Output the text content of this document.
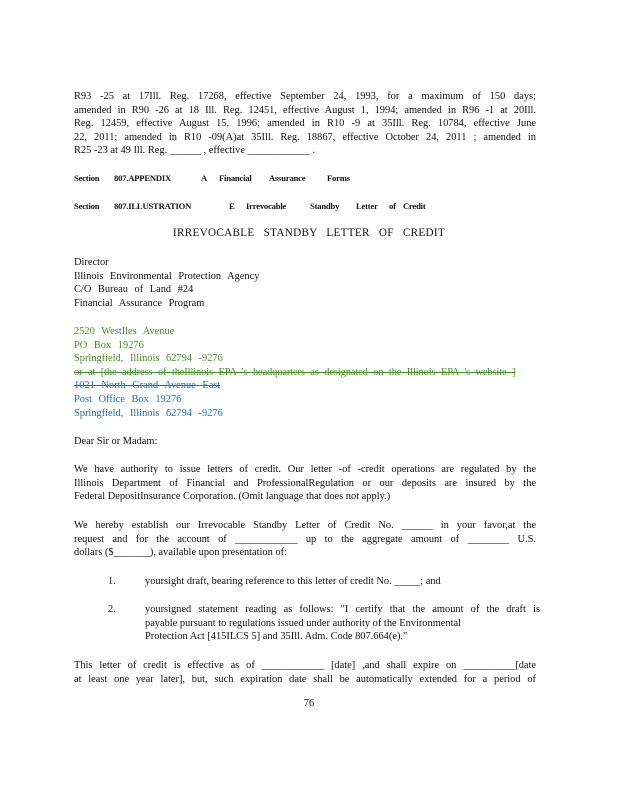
R93 -25 at 17Ill. Reg. 17268, effective September 24, 1993, for a maximum of 150 days;
amended in R90 -26 at 18 Ill. Reg. 12451, effective August 1, 1994; amended in R96 -1 at 20Ill.
Reg. 12459, effective August 15, 1996; amended in R10 -9 at 35Ill. Reg. 10784, effective June
22, 2011; amended in R10 -09(A)at 35Ill. Reg. 18867, effective October 24, 2011 ; amended in
R25 -23 at 49 Ill. Reg. ______ , effective ____________ .
Section 807.APPENDIX	A Financial Assurance	Forms
Section 807.ILLUSTRATION	E Irrevocable	Standby Letter of Credit
IRREVOCABLE STANDBY LETTER OF CREDIT
Director
Illinois Environmental Protection Agency
C/O Bureau of Land #24
Financial Assurance Program
2520 WestIles Avenue
PO Box 19276
Springfield, Illinois 62794 -9276
or at [the address of theIllinois EPA 's headquarters as designated on the Illinois EPA 's website ]
1021 North Grand Avenue East
Post Office Box 19276
Springfield, Illinois 62794 -9276
Dear Sir or Madam:
We have authority to issue letters of credit. Our letter -of -credit operations are regulated by the
Illinois Department of Financial and ProfessionalRegulation or our deposits are insured by the
Federal DepositInsurance Corporation. (Omit language that does not apply.)
We hereby establish our Irrevocable Standby Letter of Credit No. ______ in your favor,at the
request and for the account of ____________ up to the aggregate amount of ________ U.S.
dollars ($_______), available upon presentation of:
1.	yoursight draft, bearing reference to this letter of credit No. _____; and
2.	yoursigned statement reading as follows: "I certify that the amount of the draft is
payable pursuant to regulations issued under authority of the Environmental
Protection Act [415ILCS 5] and 35Ill. Adm. Code 807.664(e)."
This letter of credit is effective as of ____________ [date] ,and shall expire on __________[date
at least one year later], but, such expiration date shall be automatically extended for a period of
76
